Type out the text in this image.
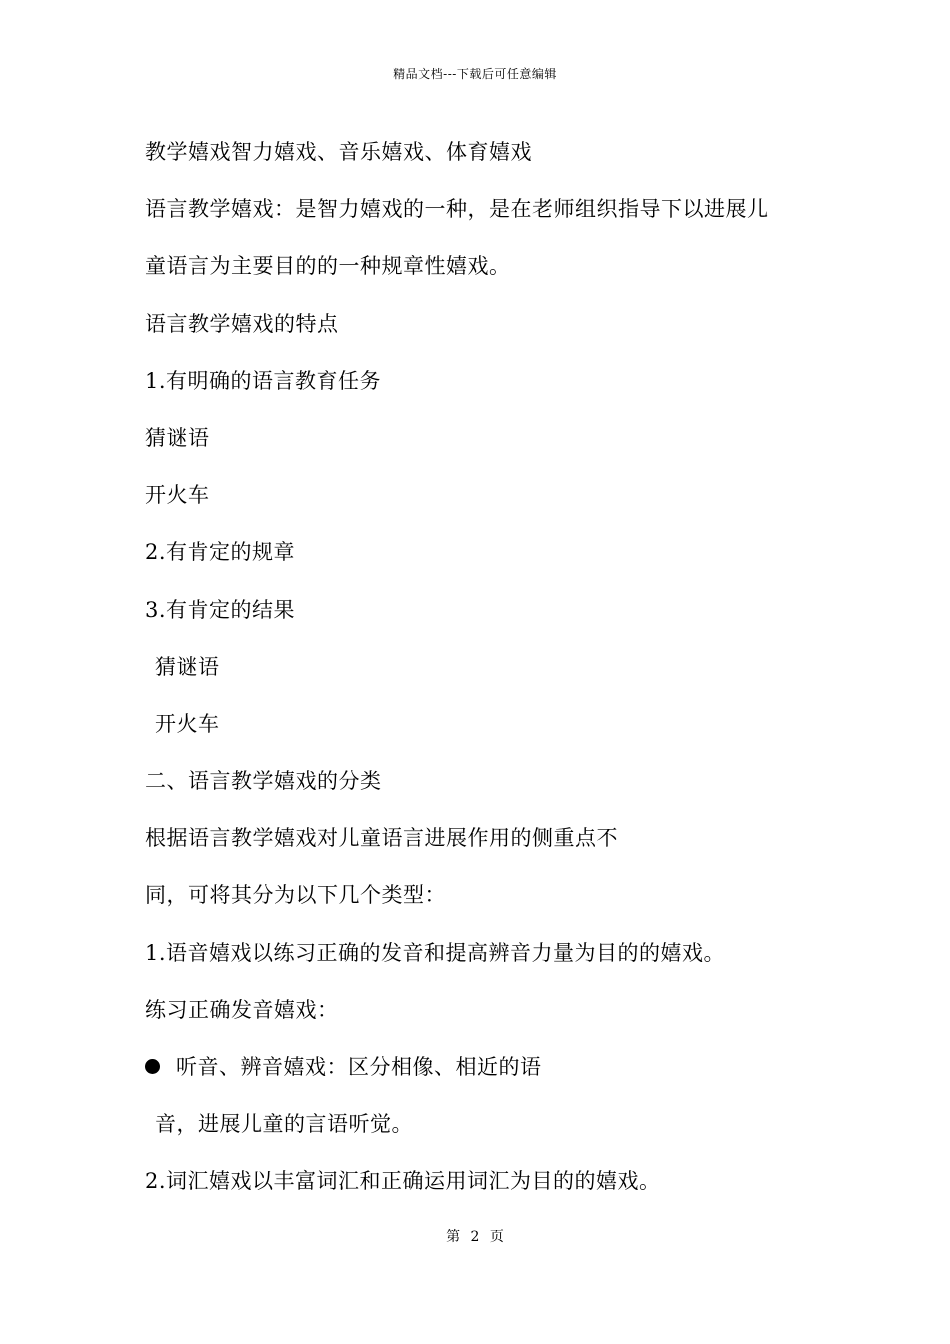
精品文档---下载后可任意编辑
教学嬉戏智力嬉戏、音乐嬉戏、体育嬉戏
语言教学嬉戏：是智力嬉戏的一种，是在老师组织指导下以进展儿
童语言为主要目的的一种规章性嬉戏。
语言教学嬉戏的特点
1.有明确的语言教育任务
猜谜语
开火车
2.有肯定的规章
3.有肯定的结果
猜谜语
开火车
二、语言教学嬉戏的分类
根据语言教学嬉戏对儿童语言进展作用的侧重点不
同，可将其分为以下几个类型：
1.语音嬉戏以练习正确的发音和提高辨音力量为目的的嬉戏。
练习正确发音嬉戏：
听音、辨音嬉戏：区分相像、相近的语
音，进展儿童的言语听觉。
2.词汇嬉戏以丰富词汇和正确运用词汇为目的的嬉戏。
第 2 页
